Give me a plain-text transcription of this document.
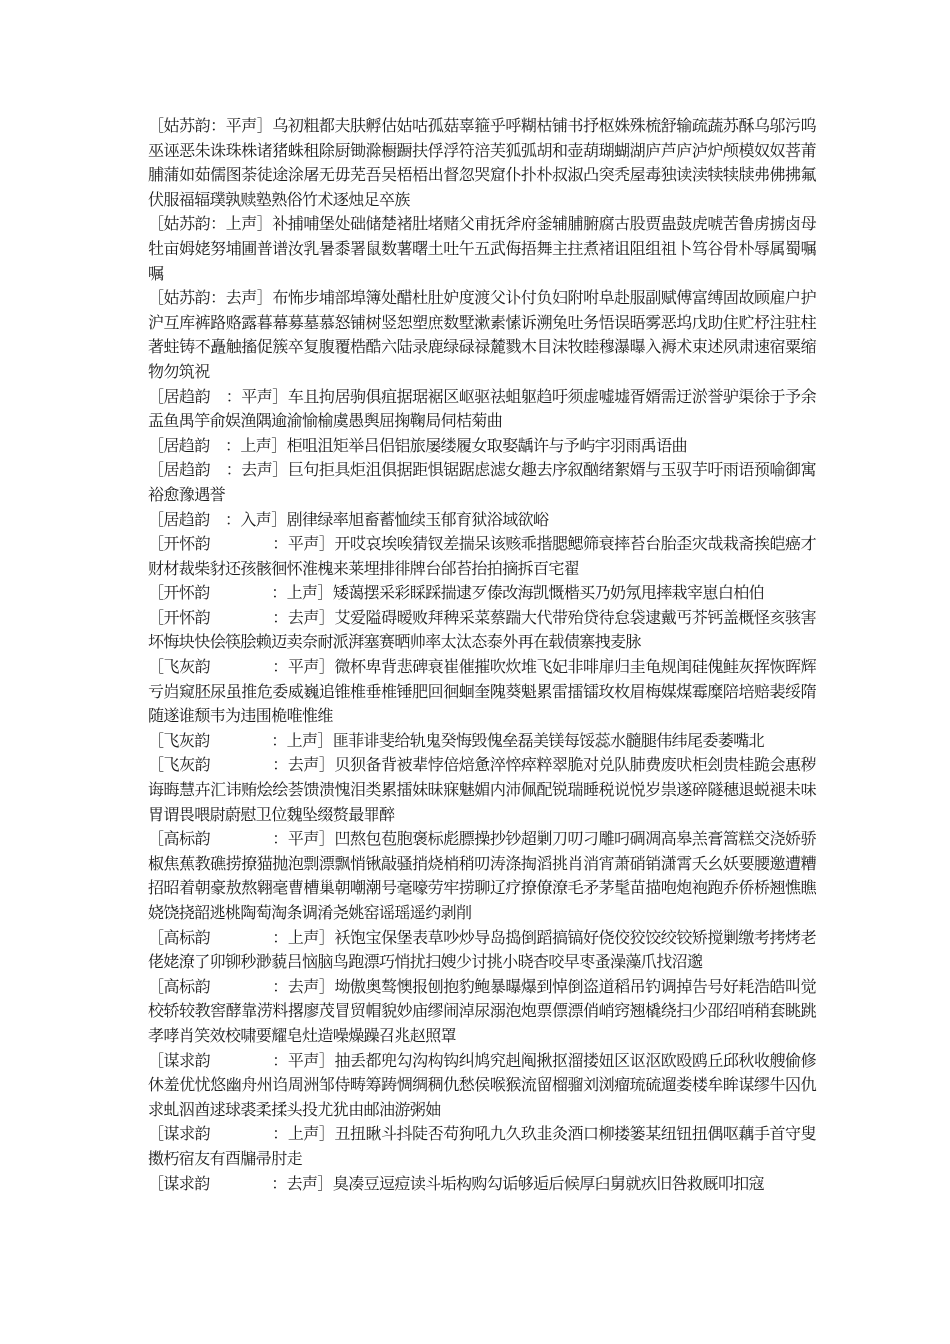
［姑苏韵：平声］乌初粗都夫肤孵估姑咕孤菇辜箍乎呼糊枯铺书抒枢姝殊梳舒输疏蔬苏酥乌邬污呜巫诬恶朱诛珠株诸猪蛛租除厨锄滁橱蹰扶俘浮符涪芙狐弧胡和壶葫瑚蝴湖庐芦庐泸炉颅模奴奴菩莆脯蒲如茹儒图荼徒途涂屠无毋芜吾吴梧梧出督忽哭窟仆扑朴叔淑凸突秃屋毒独读渎犊犊牍弗佛拂氟伏服福辐璞孰赎塾熟俗竹术逐烛足卒族

［姑苏韵：上声］补捕哺堡处础储楚褚肚堵赌父甫抚斧府釜辅脯腑腐古股贾蛊鼓虎唬苦鲁虏掳卤母牡亩姆姥努埔圃普谱汝乳暑黍署鼠数薯曙土吐午五武侮捂舞主拄煮褚诅阻组祖卜笃谷骨朴辱属蜀嘱嘱

［姑苏韵：去声］布怖步埔部埠簿处醋杜肚妒度渡父讣付负妇附咐阜赴服副赋傅富缚固故顾雇户护沪互库裤路赂露暮幕募墓慕怒铺树竖恕塑庶数墅漱素愫诉溯兔吐务悟误晤雾恶坞戊助住贮杼注驻柱著蛀铸不矗触搐促簇卒复腹覆梏酷六陆录鹿绿碌禄麓戮木目沫牧睦穆瀑曝入褥术束述夙肃速宿粟缩物勿筑祝

［居趋韵　：平声］车且拘居驹俱疽据琚裾区岖驱祛蛆躯趋吁须虚嘘墟胥婿需迂淤誉驴渠徐于予余盂鱼禺竽俞娱渔隅逾渝愉榆虞愚舆屈掬鞠局伺桔菊曲

［居趋韵　：上声］柜咀沮矩举吕侣铝旅屡缕履女取娶龋许与予屿宇羽雨禹语曲

［居趋韵　：去声］巨句拒具炬沮俱据距惧锯踞虑滤女趣去序叙酗绪絮婿与玉驭芋吁雨语预喻御寓裕愈豫遇誉

［居趋韵　：入声］剧律绿率旭畜蓄恤续玉郁育狱浴域欲峪

［开怀韵　　　　：平声］开哎哀埃唉猜钗差揣呆该赅乖揩腮鳃筛衰摔苔台胎歪灾哉栽斋挨皑癌才财材裁柴豺还孩骸徊怀淮槐来莱埋排徘牌台邰苔抬拍摘拆百宅翟

［开怀韵　　　　：上声］矮蔼摆采彩睬踩揣逮歹傣改海凯慨楷买乃奶氖甩摔栽宰崽白柏伯

［开怀韵　　　　：去声］艾爱隘碍暧败拜稗采菜蔡踹大代带殆贷待怠袋逮戴丐芥钙盖概怪亥骇害坏悔块快侩筷脍赖迈卖奈耐派湃塞赛晒帅率太汰态泰外再在载债寨拽麦脉

［飞灰韵　　　　：平声］微杯卑背悲碑衰崔催摧吹炊堆飞妃非啡扉归圭龟规闺硅傀鲑灰挥恢晖辉亏岿窥胚尿虽推危委威巍追锥椎垂椎锤肥回徊蛔奎隗葵魁累雷擂镭玫枚眉梅媒煤霉糜陪培赔裴绥隋随遂谁颓韦为违围桅唯惟维

［飞灰韵　　　　：上声］匪菲诽斐给轨鬼癸悔毁傀垒磊美镁每馁蕊水髓腿伟纬尾委萎嘴北

［飞灰韵　　　　：去声］贝狈备背被辈悖倍焙惫淬悴瘁粹翠脆对兑队肺费废吠柜刽贵桂跪会惠秽诲晦慧卉汇讳贿烩绘荟馈溃愧泪类累擂妹昧寐魅媚内沛佩配锐瑞睡税说悦岁祟遂碎隧穗退蜕褪未味胃谓畏喂尉蔚慰卫位魏坠缀赘最罪醉

［高标韵　　　　：平声］凹熬包苞胞褒标彪膘操抄钞超剿刀叨刁雕叼碉凋高皋羔膏篙糕交浇娇骄椒焦蕉教礁捞撩猫抛泡剽漂飘悄锹敲骚捎烧梢稍叨涛涤掏滔挑肖消宵萧硝销潇霄夭幺妖要腰邀遭糟招昭着朝豪敖熬翱毫曹槽巢朝嘲潮号毫嚎劳牢捞聊辽疗撩僚潦毛矛茅髦苗描咆炮袍跑乔侨桥翘憔瞧娆饶挠韶逃桃陶萄淘条调淆尧姚窑谣瑶遥约剥削

［高标韵　　　　：上声］袄饱宝保堡表草吵炒导岛捣倒蹈搞镐好侥佼狡饺绞铰矫搅剿缴考拷烤老佬姥潦了卯铆秒渺藐吕恼脑鸟跑漂巧悄扰扫嫂少讨挑小晓杳咬早枣蚤澡藻爪找沼邈

［高标韵　　　　：去声］坳傲奥骜懊报刨抱豹鲍暴曝爆到悼倒盗道稻吊钓调掉告号好耗浩皓叫觉校轿较教窖酵靠涝料撂廖茂冒贸帽貌妙庙缪闹淖尿溺泡炮票僄漂俏峭窍翘橇绕扫少邵绍哨稍套眺跳孝哮肖笑效校啸要耀皂灶造噪燥躁召兆赵照罩

［谋求韵　　　　：平声］抽丢都兜勾沟构钩纠鸠究赳阄揪抠溜搂妞区讴沤欧殴鸥丘邱秋收艘偷修休羞优忧悠幽舟州诌周洲邹侍畴筹踌惆绸稠仇愁侯喉猴流留榴骝刘浏瘤琉硫遛娄楼牟眸谋缪牛囚仇求虬泅酋逑球裘柔揉头投尤犹由邮油游粥妯

［谋求韵　　　　：上声］丑扭瞅斗抖陡否苟狗吼九久玖韭灸酒口柳搂篓某纽钮扭偶呕藕手首守叟擞朽宿友有酉牖帚肘走

［谋求韵　　　　：去声］臭凑豆逗痘读斗垢构购勾诟够逅后候厚臼舅就疚旧咎救厩叩扣寇
